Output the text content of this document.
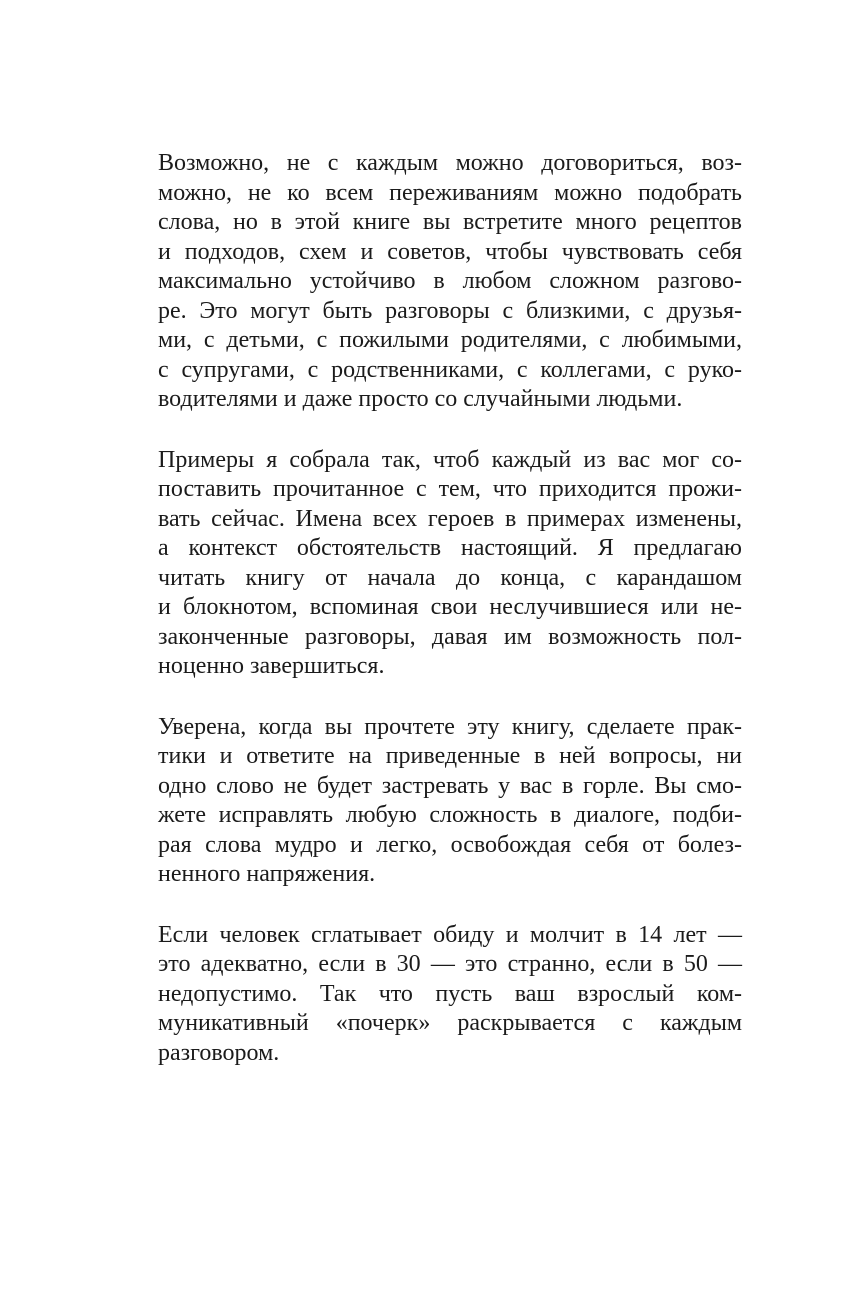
Возможно, не с каждым можно договориться, воз-
можно, не ко всем переживаниям можно подобрать
слова, но в этой книге вы встретите много рецептов
и подходов, схем и советов, чтобы чувствовать себя
максимально устойчиво в любом сложном разгово-
ре. Это могут быть разговоры с близкими, с друзья-
ми, с детьми, с пожилыми родителями, с любимыми,
с супругами, с родственниками, с коллегами, с руко-
водителями и даже просто со случайными людьми.
Примеры я собрала так, чтоб каждый из вас мог со-
поставить прочитанное с тем, что приходится прожи-
вать сейчас. Имена всех героев в примерах изменены,
а контекст обстоятельств настоящий. Я предлагаю
читать книгу от начала до конца, с карандашом
и блокнотом, вспоминая свои неслучившиеся или не-
законченные разговоры, давая им возможность пол-
ноценно завершиться.
Уверена, когда вы прочтете эту книгу, сделаете прак-
тики и ответите на приведенные в ней вопросы, ни
одно слово не будет застревать у вас в горле. Вы смо-
жете исправлять любую сложность в диалоге, подби-
рая слова мудро и легко, освобождая себя от болез-
ненного напряжения.
Если человек сглатывает обиду и молчит в 14 лет —
это адекватно, если в 30 — это странно, если в 50 —
недопустимо. Так что пусть ваш взрослый ком-
муникативный «почерк» раскрывается с каждым
разговором.
